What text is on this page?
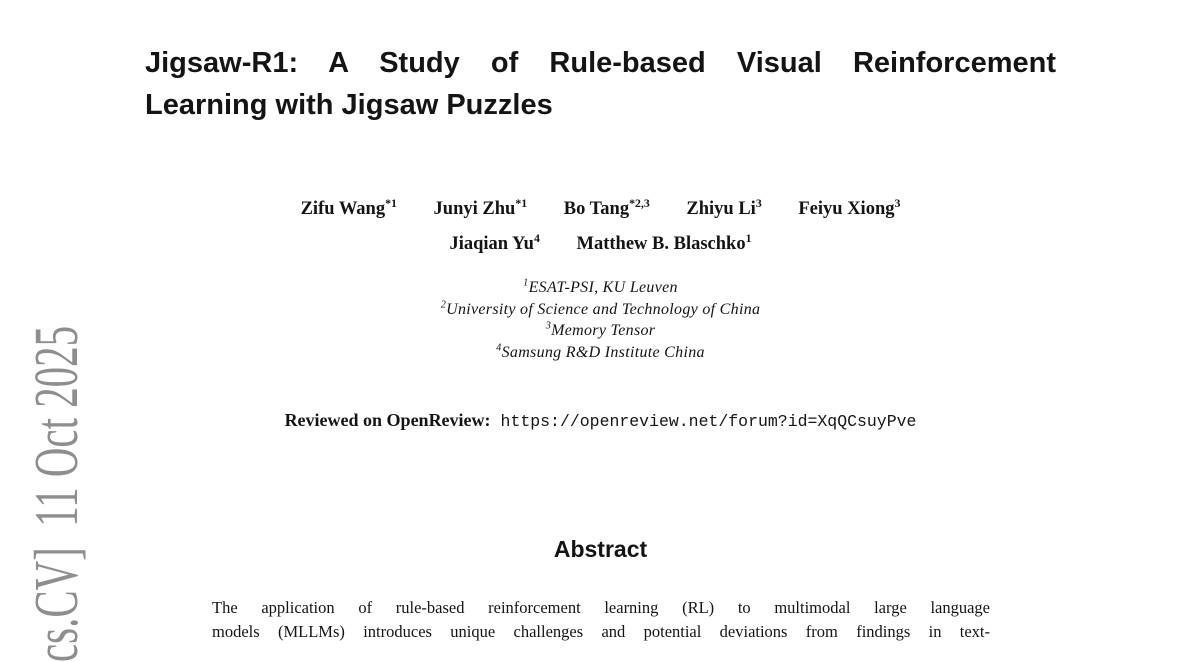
cs.CV]  11 Oct 2025
Jigsaw-R1: A Study of Rule-based Visual Reinforcement
Learning with Jigsaw Puzzles
Zifu Wang$^{*1}$ Junyi Zhu$^{*1}$ Bo Tang$^{*2,3}$ Zhiyu Li$^3$ Feiyu Xiong$^3$
Jiaqian Yu$^4$ Matthew B. Blaschko$^1$
$^1$ESAT-PSI, KU Leuven
$^2$University of Science and Technology of China
$^3$Memory Tensor
$^4$Samsung R&D Institute China
Reviewed on OpenReview: https://openreview.net/forum?id=XqQCsuyPve
Abstract
The application of rule-based reinforcement learning (RL) to multimodal large language
models (MLLMs) introduces unique challenges and potential deviations from findings in text-
